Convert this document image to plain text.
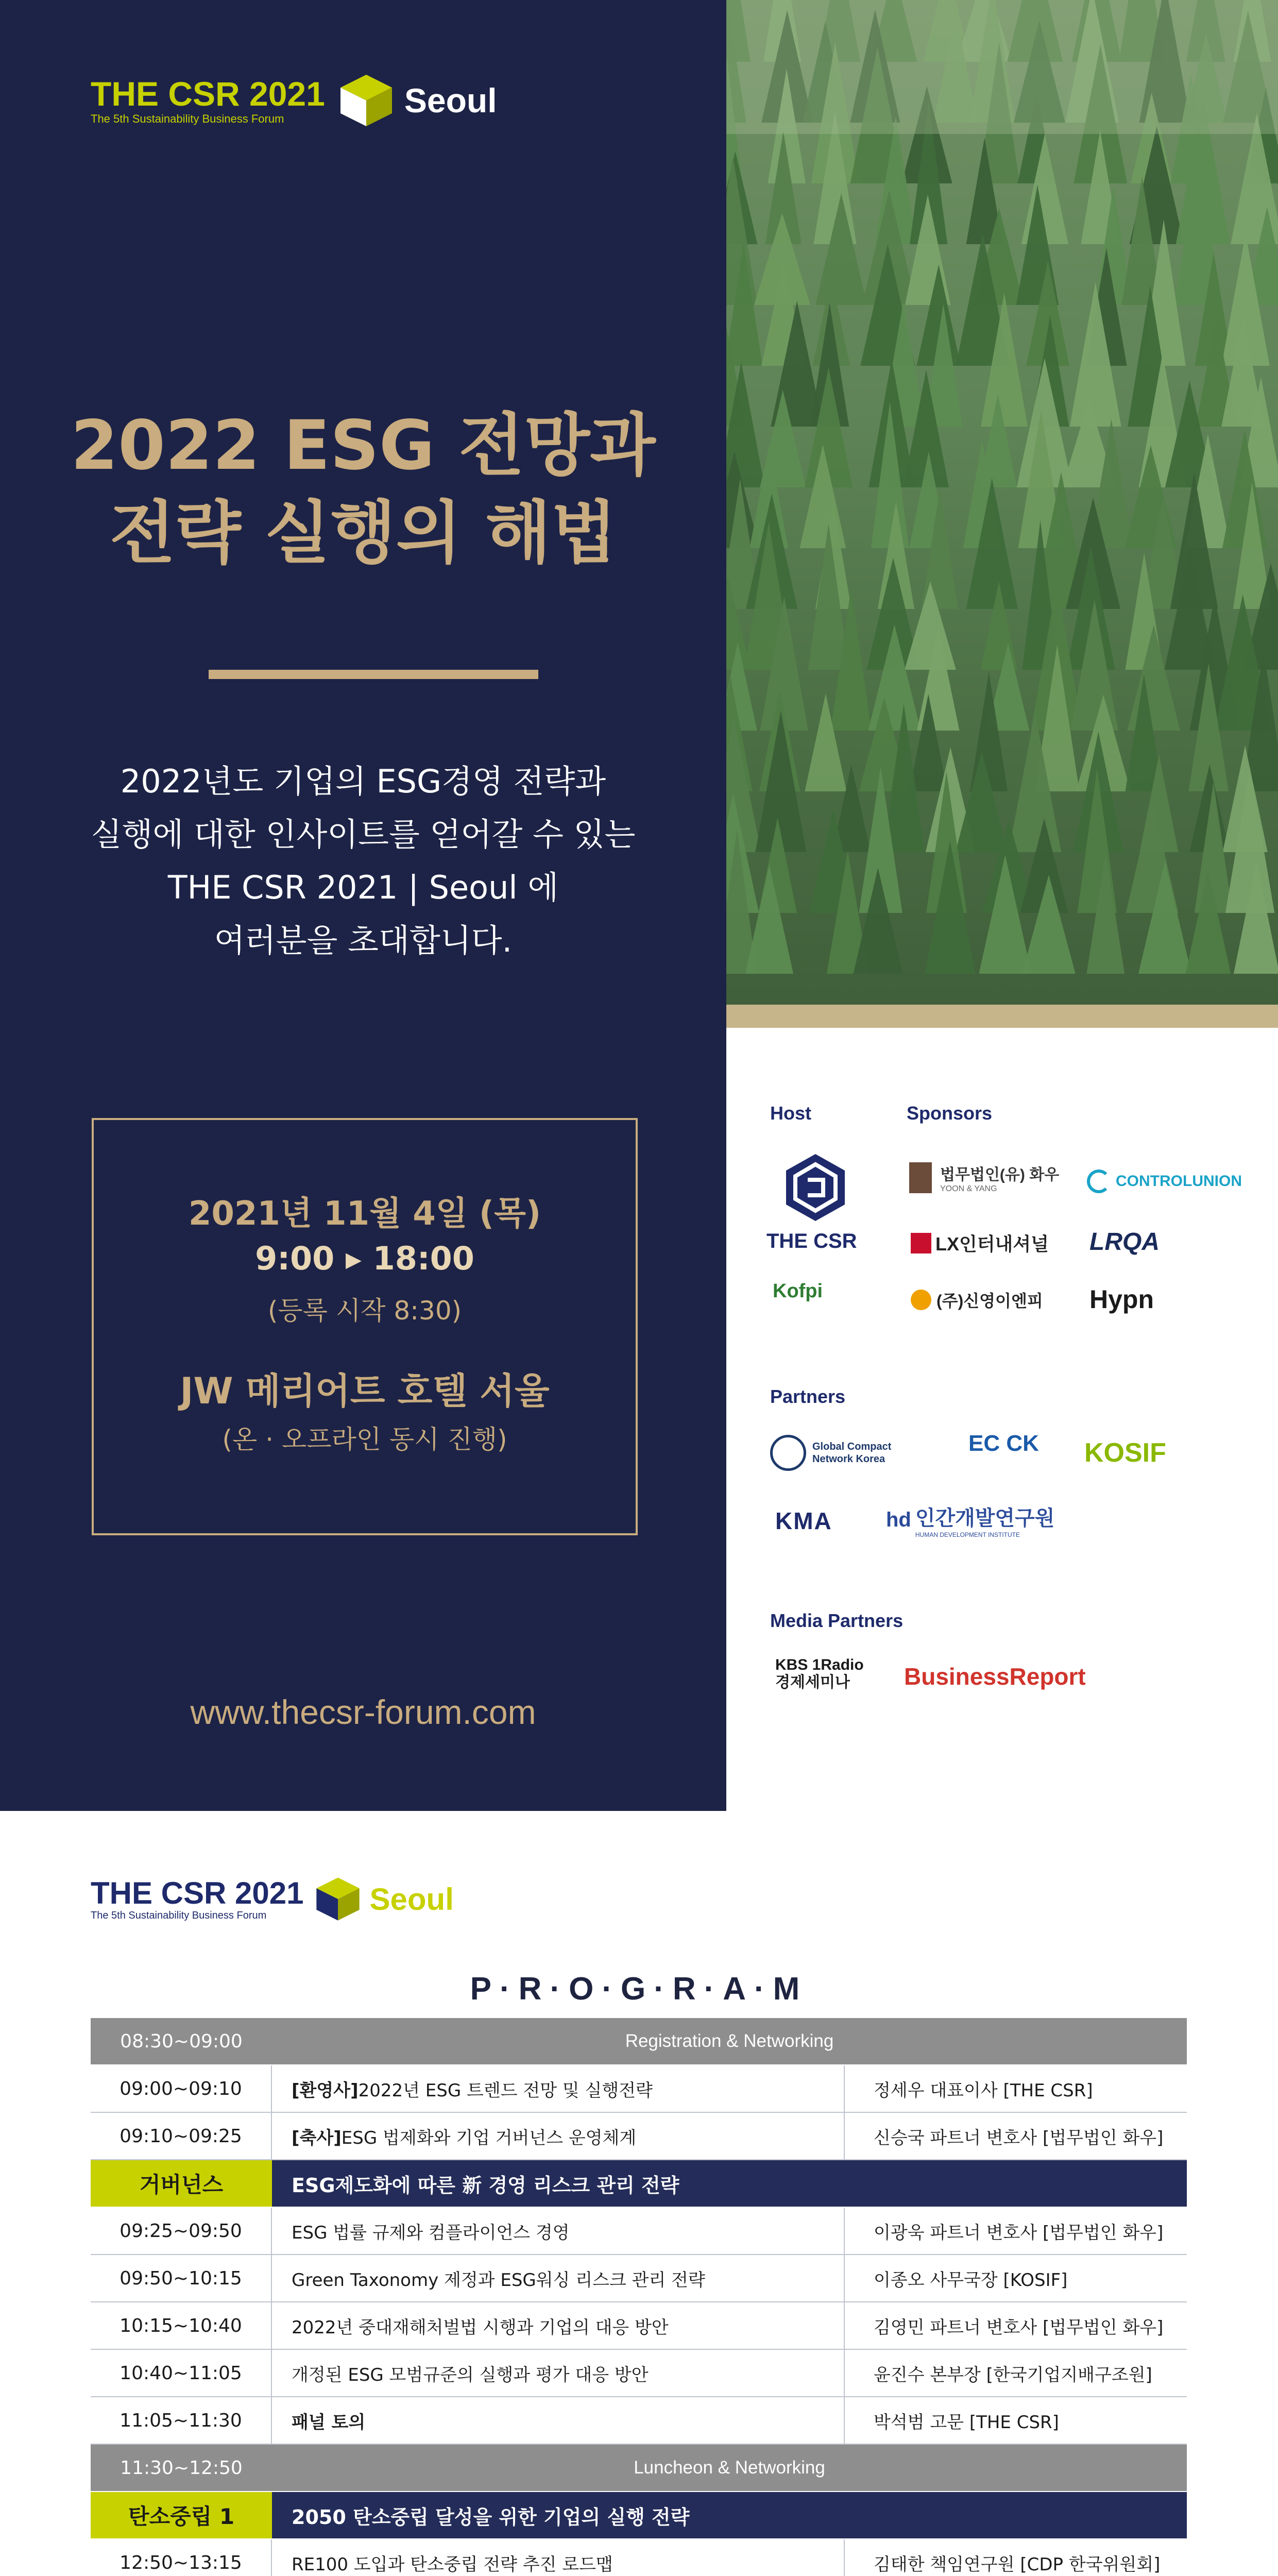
THE CSR 2021
The 5th Sustainability Business Forum	Seoul
2022 ESG 전망과
전략 실행의 해법
2022년도 기업의 ESG경영 전략과
실행에 대한 인사이트를 얻어갈 수 있는
THE CSR 2021 | Seoul 에
여러분을 초대합니다.
2021년 11월 4일 (목)
9:00 ▸ 18:00
(등록 시작 8:30)
JW 메리어트 호텔 서울
(온 · 오프라인 동시 진행)
www.thecsr-forum.com
Host	Sponsors
THE CSR
Kofpi
법무법인(유) 화우
YOON & YANG	CONTROLUNION
LX인터내셔널 LRQA
(주)신영이엔피 Hypn
Partners
Global Compact Network Korea
EC CK KOSIF
KMA	hd 인간개발연구원
HUMAN DEVELOPMENT INSTITUTE
Media Partners
KBS 1Radio 경제세미나	BusinessReport
THE CSR 2021
The 5th Sustainability Business Forum	Seoul
P·R·O·G·R·A·M
08:30~09:00	Registration & Networking
09:00~09:10	[환영사] 2022년 ESG 트렌드 전망 및 실행전략	정세우 대표이사 [THE CSR]
09:10~09:25	[축사] ESG 법제화와 기업 거버넌스 운영체계	신승국 파트너 변호사 [법무법인 화우]
거버넌스	ESG제도화에 따른 新 경영 리스크 관리 전략
09:25~09:50	ESG 법률 규제와 컴플라이언스 경영	이광욱 파트너 변호사 [법무법인 화우]
09:50~10:15	Green Taxonomy 제정과 ESG워싱 리스크 관리 전략	이종오 사무국장 [KOSIF]
10:15~10:40	2022년 중대재해처벌법 시행과 기업의 대응 방안	김영민 파트너 변호사 [법무법인 화우]
10:40~11:05	개정된 ESG 모범규준의 실행과 평가 대응 방안	윤진수 본부장 [한국기업지배구조원]
11:05~11:30	패널 토의	박석범 고문 [THE CSR]
11:30~12:50	Luncheon & Networking
탄소중립 1	2050 탄소중립 달성을 위한 기업의 실행 전략
12:50~13:15	RE100 도입과 탄소중립 전략 추진 로드맵	김태한 책임연구원 [CDP 한국위원회]
